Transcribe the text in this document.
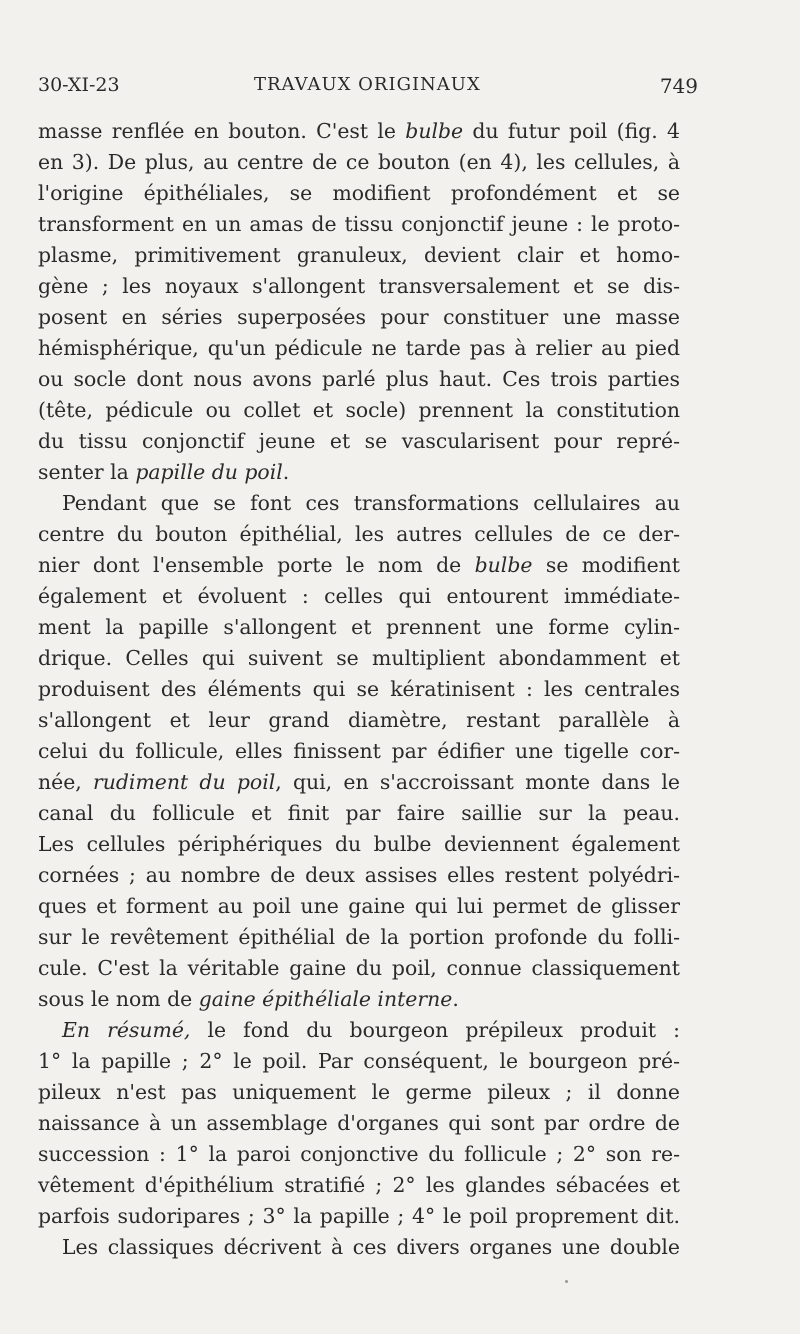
30-XI-23	TRAVAUX ORIGINAUX	749
masse renflée en bouton. C'est le bulbe du futur poil (fig. 4
en 3). De plus, au centre de ce bouton (en 4), les cellules, à
l'origine épithéliales, se modifient profondément et se
transforment en un amas de tissu conjonctif jeune : le proto-
plasme, primitivement granuleux, devient clair et homo-
gène ; les noyaux s'allongent transversalement et se dis-
posent en séries superposées pour constituer une masse
hémisphérique, qu'un pédicule ne tarde pas à relier au pied
ou socle dont nous avons parlé plus haut. Ces trois parties
(tête, pédicule ou collet et socle) prennent la constitution
du tissu conjonctif jeune et se vascularisent pour repré-
senter la papille du poil.
Pendant que se font ces transformations cellulaires au
centre du bouton épithélial, les autres cellules de ce der-
nier dont l'ensemble porte le nom de bulbe se modifient
également et évoluent : celles qui entourent immédiate-
ment la papille s'allongent et prennent une forme cylin-
drique. Celles qui suivent se multiplient abondamment et
produisent des éléments qui se kératinisent : les centrales
s'allongent et leur grand diamètre, restant parallèle à
celui du follicule, elles finissent par édifier une tigelle cor-
née, rudiment du poil, qui, en s'accroissant monte dans le
canal du follicule et finit par faire saillie sur la peau.
Les cellules périphériques du bulbe deviennent également
cornées ; au nombre de deux assises elles restent polyédri-
ques et forment au poil une gaine qui lui permet de glisser
sur le revêtement épithélial de la portion profonde du folli-
cule. C'est la véritable gaine du poil, connue classiquement
sous le nom de gaine épithéliale interne.
En résumé, le fond du bourgeon prépileux produit :
1° la papille ; 2° le poil. Par conséquent, le bourgeon pré-
pileux n'est pas uniquement le germe pileux ; il donne
naissance à un assemblage d'organes qui sont par ordre de
succession : 1° la paroi conjonctive du follicule ; 2° son re-
vêtement d'épithélium stratifié ; 2° les glandes sébacées et
parfois sudoripares ; 3° la papille ; 4° le poil proprement dit.
Les classiques décrivent à ces divers organes une double
